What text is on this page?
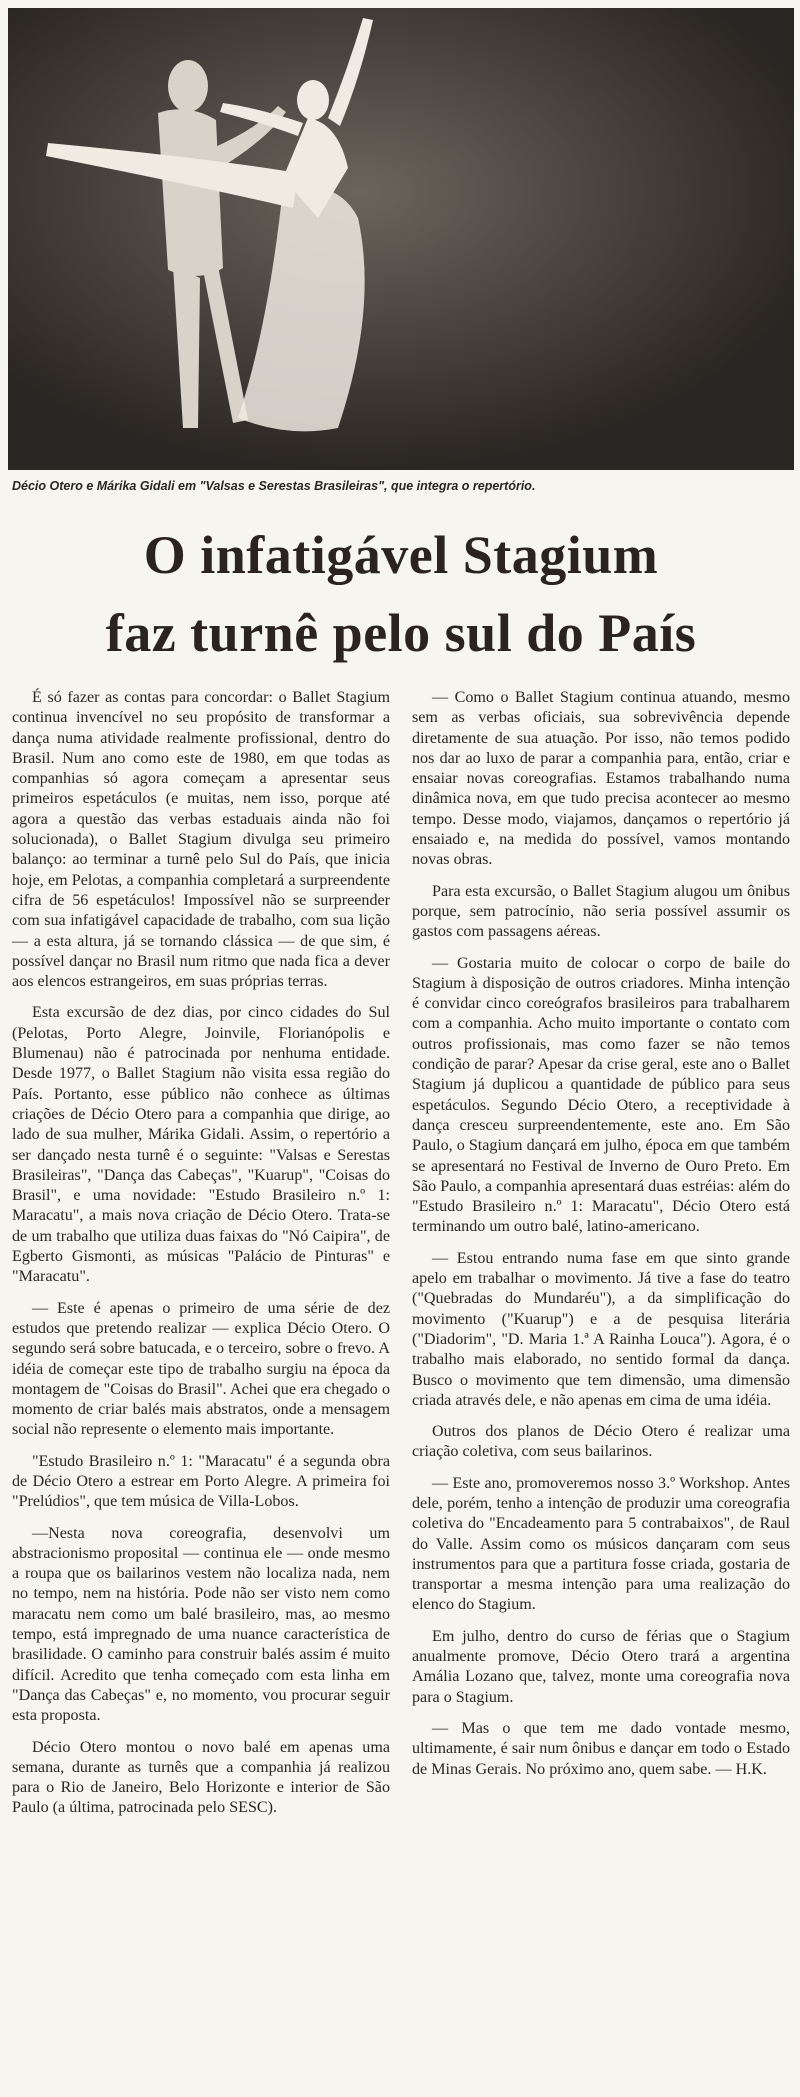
Décio Otero e Márika Gidali em "Valsas e Serestas Brasileiras", que integra o repertório.
O infatigável Stagium
faz turnê pelo sul do País

É só fazer as contas para concordar: o Ballet Stagium continua invencível no seu propósito de transformar a dança numa atividade realmente profissional, dentro do Brasil. Num ano como este de 1980, em que todas as companhias só agora começam a apresentar seus primeiros espetáculos (e muitas, nem isso, porque até agora a questão das verbas estaduais ainda não foi solucionada), o Ballet Stagium divulga seu primeiro balanço: ao terminar a turnê pelo Sul do País, que inicia hoje, em Pelotas, a companhia completará a surpreendente cifra de 56 espetáculos! Impossível não se surpreender com sua infatigável capacidade de trabalho, com sua lição — a esta altura, já se tornando clássica — de que sim, é possível dançar no Brasil num ritmo que nada fica a dever aos elencos estrangeiros, em suas próprias terras.

Esta excursão de dez dias, por cinco cidades do Sul (Pelotas, Porto Alegre, Joinvile, Florianópolis e Blumenau) não é patrocinada por nenhuma entidade. Desde 1977, o Ballet Stagium não visita essa região do País. Portanto, esse público não conhece as últimas criações de Décio Otero para a companhia que dirige, ao lado de sua mulher, Márika Gidali. Assim, o repertório a ser dançado nesta turnê é o seguinte: "Valsas e Serestas Brasileiras", "Dança das Cabeças", "Kuarup", "Coisas do Brasil", e uma novidade: "Estudo Brasileiro n.º 1: Maracatu", a mais nova criação de Décio Otero. Trata-se de um trabalho que utiliza duas faixas do "Nó Caipira", de Egberto Gismonti, as músicas "Palácio de Pinturas" e "Maracatu".

— Este é apenas o primeiro de uma série de dez estudos que pretendo realizar — explica Décio Otero. O segundo será sobre batucada, e o terceiro, sobre o frevo. A idéia de começar este tipo de trabalho surgiu na época da montagem de "Coisas do Brasil". Achei que era chegado o momento de criar balés mais abstratos, onde a mensagem social não represente o elemento mais importante.

"Estudo Brasileiro n.º 1: "Maracatu" é a segunda obra de Décio Otero a estrear em Porto Alegre. A primeira foi "Prelúdios", que tem música de Villa-Lobos.

—Nesta nova coreografia, desenvolvi um abstracionismo proposital — continua ele — onde mesmo a roupa que os bailarinos vestem não localiza nada, nem no tempo, nem na história. Pode não ser visto nem como maracatu nem como um balé brasileiro, mas, ao mesmo tempo, está impregnado de uma nuance característica de brasilidade. O caminho para construir balés assim é muito difícil. Acredito que tenha começado com esta linha em "Dança das Cabeças" e, no momento, vou procurar seguir esta proposta.

Décio Otero montou o novo balé em apenas uma semana, durante as turnês que a companhia já realizou para o Rio de Janeiro, Belo Horizonte e interior de São Paulo (a última, patrocinada pelo SESC).

— Como o Ballet Stagium continua atuando, mesmo sem as verbas oficiais, sua sobrevivência depende diretamente de sua atuação. Por isso, não temos podido nos dar ao luxo de parar a companhia para, então, criar e ensaiar novas coreografias. Estamos trabalhando numa dinâmica nova, em que tudo precisa acontecer ao mesmo tempo. Desse modo, viajamos, dançamos o repertório já ensaiado e, na medida do possível, vamos montando novas obras.

Para esta excursão, o Ballet Stagium alugou um ônibus porque, sem patrocínio, não seria possível assumir os gastos com passagens aéreas.

— Gostaria muito de colocar o corpo de baile do Stagium à disposição de outros criadores. Minha intenção é convidar cinco coreógrafos brasileiros para trabalharem com a companhia. Acho muito importante o contato com outros profissionais, mas como fazer se não temos condição de parar? Apesar da crise geral, este ano o Ballet Stagium já duplicou a quantidade de público para seus espetáculos. Segundo Décio Otero, a receptividade à dança cresceu surpreendentemente, este ano. Em São Paulo, o Stagium dançará em julho, época em que também se apresentará no Festival de Inverno de Ouro Preto. Em São Paulo, a companhia apresentará duas estréias: além do "Estudo Brasileiro n.º 1: Maracatu", Décio Otero está terminando um outro balé, latino-americano.

— Estou entrando numa fase em que sinto grande apelo em trabalhar o movimento. Já tive a fase do teatro ("Quebradas do Mundaréu"), a da simplificação do movimento ("Kuarup") e a de pesquisa literária ("Diadorim", "D. Maria 1.ª A Rainha Louca"). Agora, é o trabalho mais elaborado, no sentido formal da dança. Busco o movimento que tem dimensão, uma dimensão criada através dele, e não apenas em cima de uma idéia.

Outros dos planos de Décio Otero é realizar uma criação coletiva, com seus bailarinos.

— Este ano, promoveremos nosso 3.º Workshop. Antes dele, porém, tenho a intenção de produzir uma coreografia coletiva do "Encadeamento para 5 contrabaixos", de Raul do Valle. Assim como os músicos dançaram com seus instrumentos para que a partitura fosse criada, gostaria de transportar a mesma intenção para uma realização do elenco do Stagium.

Em julho, dentro do curso de férias que o Stagium anualmente promove, Décio Otero trará a argentina Amália Lozano que, talvez, monte uma coreografia nova para o Stagium.

— Mas o que tem me dado vontade mesmo, ultimamente, é sair num ônibus e dançar em todo o Estado de Minas Gerais. No próximo ano, quem sabe. — H.K.
